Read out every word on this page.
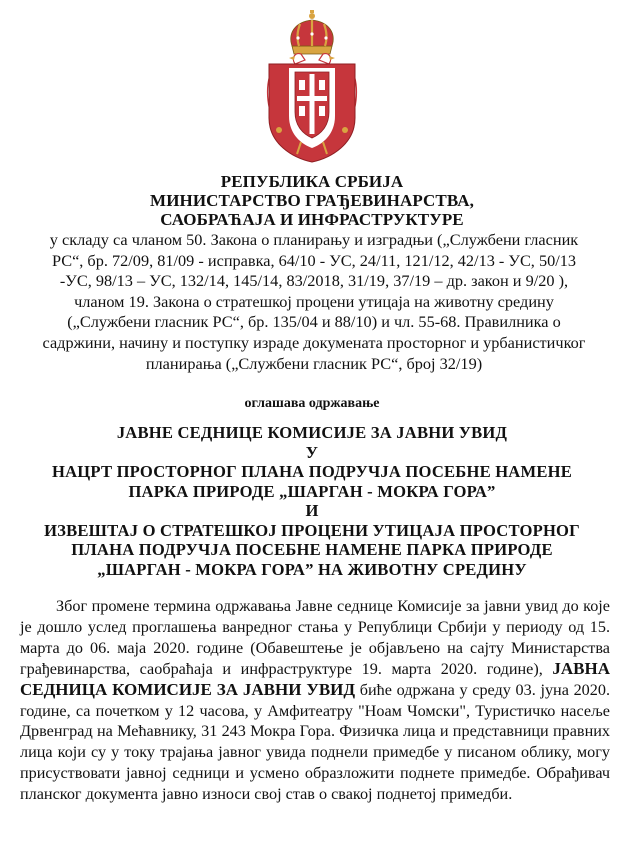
РЕПУБЛИКА СРБИЈА
МИНИСТАРСТВО ГРАЂЕВИНАРСТВА,
САОБРАЋАЈА И ИНФРАСТРУКТУРЕ
у складу са чланом 50. Закона о планирању и изградњи („Службени гласник РС“, бр. 72/09, 81/09 - исправка, 64/10 - УС, 24/11, 121/12, 42/13 - УС, 50/13 -УС, 98/13 – УС, 132/14, 145/14, 83/2018, 31/19, 37/19 – др. закон и 9/20 ), чланом 19. Закона о стратешкој процени утицаја на животну средину („Службени гласник РС“, бр. 135/04 и 88/10) и чл. 55-68. Правилника о садржини, начину и поступку израде докумената просторног и урбанистичког планирања („Службени гласник РС“, број 32/19)
оглашава одржавање

ЈАВНЕ СЕДНИЦЕ КОМИСИЈЕ ЗА ЈАВНИ УВИД

У

НАЦРТ ПРОСТОРНОГ ПЛАНА ПОДРУЧЈА ПОСЕБНЕ НАМЕНЕ

ПАРКА ПРИРОДЕ „ШАРГАН - МОКРА ГОРА”

И

ИЗВЕШТАЈ О СТРАТЕШКОЈ ПРОЦЕНИ УТИЦАЈА ПРОСТОРНОГ

ПЛАНА ПОДРУЧЈА ПОСЕБНЕ НАМЕНЕ ПАРКА ПРИРОДЕ

„ШАРГАН - МОКРА ГОРА” НА ЖИВОТНУ СРЕДИНУ

Због промене термина одржавања Јавне седнице Комисије за јавни увид до које је дошло услед проглашења ванредног стања у Републици Србији у периоду од 15. марта до 06. маја 2020. године (Обавештење је објављено на сајту Министарства грађевинарства, саобраћаја и инфраструктуре 19. марта 2020. године), ЈАВНА СЕДНИЦА КОМИСИЈЕ ЗА ЈАВНИ УВИД биће одржана у среду 03. јуна 2020. године, са почетком у 12 часова, у Амфитеатру "Ноам Чомски", Туристичко насеље Дрвенград на Мећавнику, 31 243 Мокра Гора. Физичка лица и представници правних лица који су у току трајања јавног увида поднели примедбе у писаном облику, могу присуствовати јавној седници и усмено образложити поднете примедбе. Обрађивач планског документа јавно износи свој став о свакој поднетој примедби.
